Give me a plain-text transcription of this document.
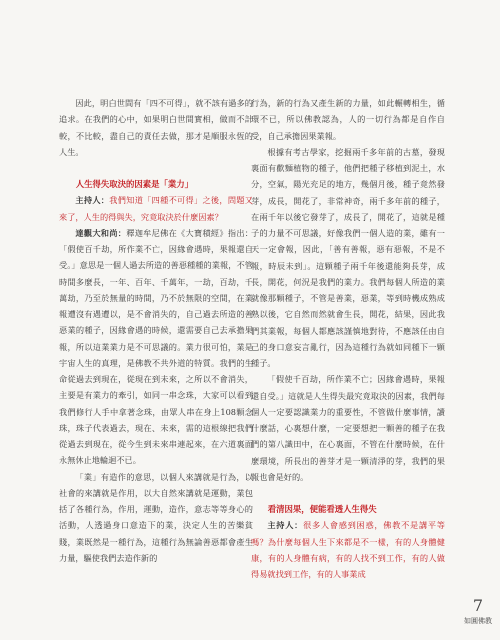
因此，明白世間有「四不可得」，就不該有過多的追求。在我們的心中，如果明白世間實相，做而不計較，不比較，盡自己的責任去做，那才是順服永恆的人生。

人生得失取決的因素是「業力」

主持人：我們知道「四種不可得」之後，問題又來了，人生的得與失，究竟取決於什麼因素？

達觀大和尚：釋迦牟尼佛在《大寶積經》指出：「假使百千劫，所作業不亡，因緣會遇時，果報還自受。」意思是一個人過去所造的善惡種種的業報，不管時間多麼長，一年、百年、千萬年，一劫，百劫，千萬劫，乃至於無量的時間，乃不於無限的空間，在業報遭沒有遇遭以，是不會消失的，自己過去所造的善惡業的種子，因緣會遇的時候，還需要自己去承擔果報，所以這業業力是不可思議的。業力很可怕，業是宇宙人生的真理，是佛教不共外道的特質。我們的生命從過去到現在，從現在到未來，之所以不會消失，主要是有業力的牽引，如同一串念珠，大家可以看到我們修行人手中拿著念珠，由眾人串在身上108顆念珠，珠子代表過去，現在、未來，需的這根線把我們從過去到現在，從今生到未來串連起來，在六道裏面永無休止地輪迴不已。

「業」有造作的意思，以個人來講就是行為，以社會的來講就是作用，以大自然來講就是運動，業包括了各種行為，作用，運動，造作，意志等等身心的活動，人透過身口意造下的業，決定人生的苦樂貧賤，業既然是一種行為，這種行為無論善惡都會產生力量，驅使我們去造作新的

行為，新的行為又產生新的力量，如此輾轉相生，循環不已，所以佛教認為，人的一切行為都是自作自受，自己承擔因果業報。

根據有考古學家，挖掘兩千多年前的古墓，發現裏面有歡麵植物的種子，他們把種子移植到泥土，水分，空氣，陽光充足的地方，幾個月後，種子竟然發芽，成長，開花了，非常神奇，兩千多年前的種子，在兩千年以後它發芽了，成長了，開花了，這就是種子的力量不可思議，好像我們一個人造的業，雖有一天一定會報，因此，「善有善報，惡有惡報，不是不報，時辰未到」。這顆種子兩千年後還能夠長芽，成長，開花，何況是我們的業力。我們每個人所造的業就像那顆種子，不管是善業，惡業，等到時機成熟成熟以後，它自然而然就會生長，開花，結果，因此我們其業報，每個人都應該謹慎地對待，不應該任由自己的身口意妄言亂行，因為這種行為就如同種下一顆種子。

「假使千百劫，所作業不亡；因緣會遇時，果報還自受。」這就是人生得失最究竟取決的因素，我們每個人一定要認識業力的重要性，不管做什麼事情，讀什麼話，心裏想什麼，一定要想把一顆善的種子在我們的第八識田中，在心裏面，不管在什麼時候，在什麼環境，所長出的善芽才是一顆清淨的芽，我們的果報也會是好的。

看清因果，便能看透人生得失

主持人：很多人會感到困惑，佛教不是講平等嗎？為什麼每個人生下來都是不一樣，有的人身體健康，有的人身體有病，有的人找不到工作，有的人做得易就找到工作，有的人事業成

7
如圓佛教
